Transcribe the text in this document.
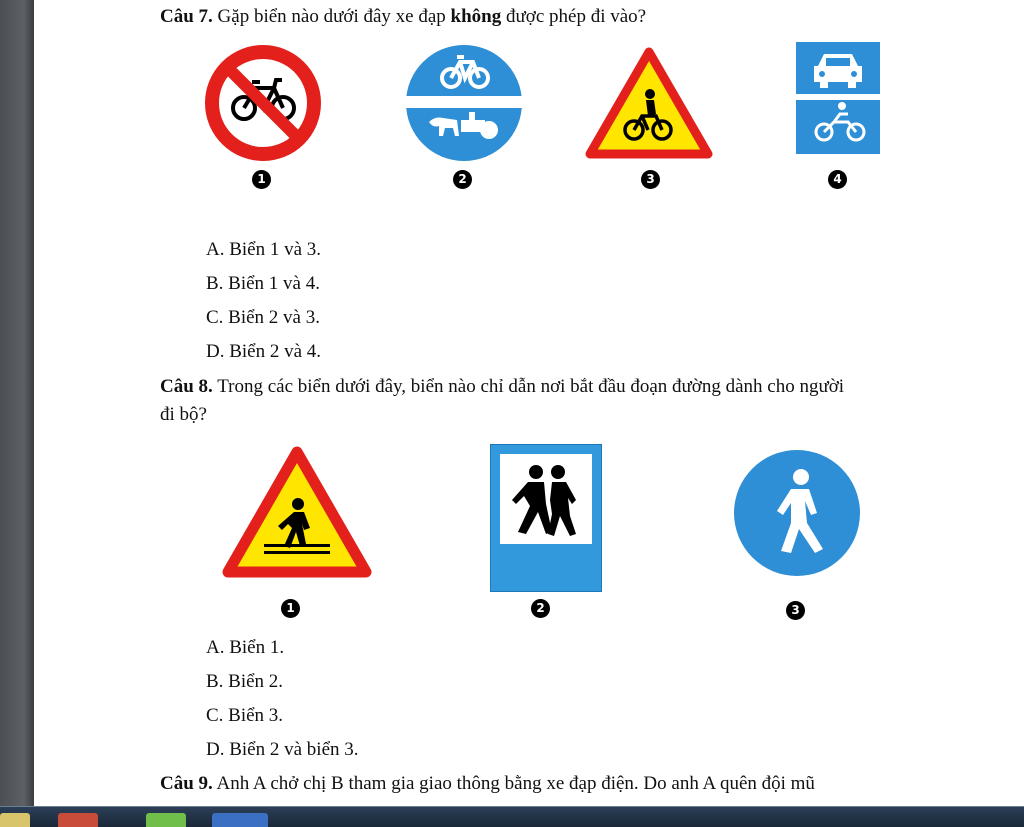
Câu 7. Gặp biển nào dưới đây xe đạp không được phép đi vào?
1	2	3	4
A. Biển 1 và 3.
B. Biển 1 và 4.
C. Biển 2 và 3.
D. Biển 2 và 4.
Câu 8. Trong các biển dưới đây, biển nào chỉ dẫn nơi bắt đầu đoạn đường dành cho người
đi bộ?
1	2	3
A. Biển 1.
B. Biển 2.
C. Biển 3.
D. Biển 2 và biển 3.
Câu 9. Anh A chở chị B tham gia giao thông bằng xe đạp điện. Do anh A quên đội mũ
